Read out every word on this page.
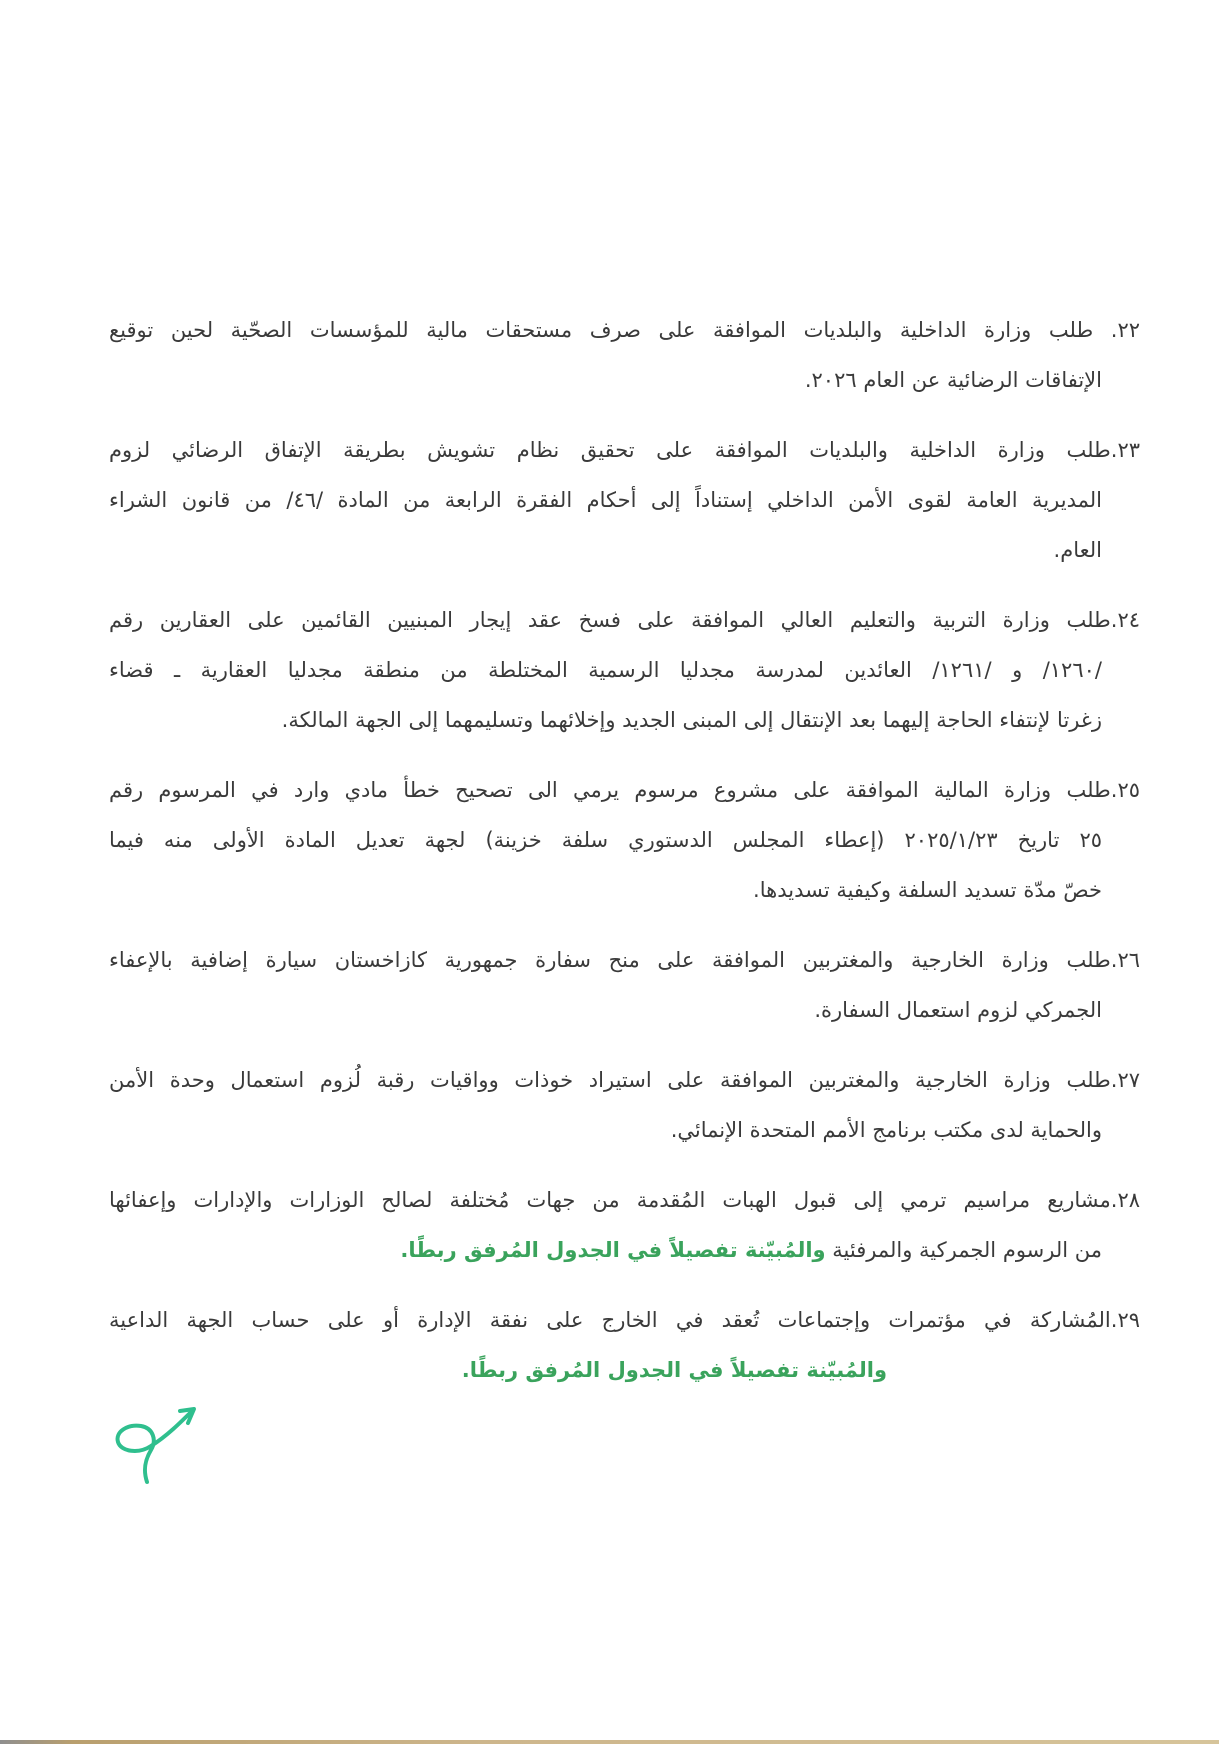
٢٢. طلب وزارة الداخلية والبلديات الموافقة على صرف مستحقات مالية للمؤسسات الصحّية لحين توقيع
الإتفاقات الرضائية عن العام ٢٠٢٦.
٢٣.طلب وزارة الداخلية والبلديات الموافقة على تحقيق نظام تشويش بطريقة الإتفاق الرضائي لزوم
المديرية العامة لقوى الأمن الداخلي إستناداً إلى أحكام الفقرة الرابعة من المادة /٤٦/ من قانون الشراء
العام.
٢٤.طلب وزارة التربية والتعليم العالي الموافقة على فسخ عقد إيجار المبنيين القائمين على العقارين رقم
/١٢٦٠/ و /١٢٦١/ العائدين لمدرسة مجدليا الرسمية المختلطة من منطقة مجدليا العقارية ـ قضاء
زغرتا لإنتفاء الحاجة إليهما بعد الإنتقال إلى المبنى الجديد وإخلائهما وتسليمهما إلى الجهة المالكة.
٢٥.طلب وزارة المالية الموافقة على مشروع مرسوم يرمي الى تصحيح خطأ مادي وارد في المرسوم رقم
٢٥ تاريخ ٢٠٢٥/١/٢٣ (إعطاء المجلس الدستوري سلفة خزينة) لجهة تعديل المادة الأولى منه فيما
خصّ مدّة تسديد السلفة وكيفية تسديدها.
٢٦.طلب وزارة الخارجية والمغتربين الموافقة على منح سفارة جمهورية كازاخستان سيارة إضافية بالإعفاء
الجمركي لزوم استعمال السفارة.
٢٧.طلب وزارة الخارجية والمغتربين الموافقة على استيراد خوذات وواقيات رقبة لُزوم استعمال وحدة الأمن
والحماية لدى مكتب برنامج الأمم المتحدة الإنمائي.
٢٨.مشاريع مراسيم ترمي إلى قبول الهبات المُقدمة من جهات مُختلفة لصالح الوزارات والإدارات وإعفائها
من الرسوم الجمركية والمرفئية والمُبيّنة تفصيلاً في الجدول المُرفق ربطًا.
٢٩.المُشاركة في مؤتمرات وإجتماعات تُعقد في الخارج على نفقة الإدارة أو على حساب الجهة الداعية
والمُبيّنة تفصيلاً في الجدول المُرفق ربطًا.
